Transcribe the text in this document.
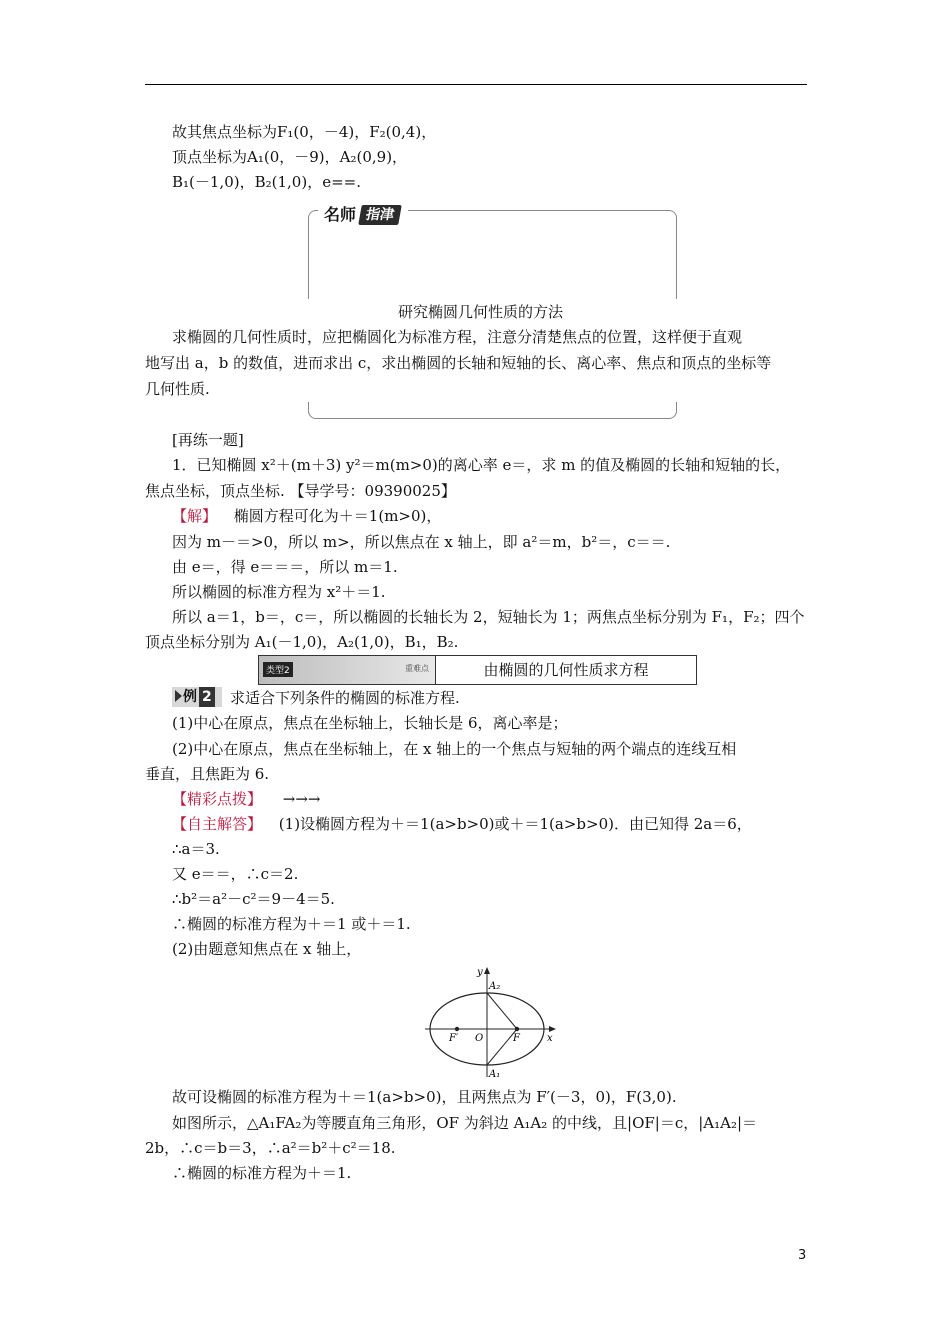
故其焦点坐标为F₁(0，－4)，F₂(0,4)，
顶点坐标为A₁(0，－9)，A₂(0,9)，
B₁(－1,0)，B₂(1,0)，e==.
名师 指津
研究椭圆几何性质的方法
求椭圆的几何性质时，应把椭圆化为标准方程，注意分清楚焦点的位置，这样便于直观
地写出 a，b 的数值，进而求出 c，求出椭圆的长轴和短轴的长、离心率、焦点和顶点的坐标等
几何性质.
[再练一题]
1．已知椭圆 x²＋(m＋3) y²＝m(m>0)的离心率 e＝，求 m 的值及椭圆的长轴和短轴的长，
焦点坐标，顶点坐标. 【导学号：09390025】
【解】 椭圆方程可化为＋＝1(m>0)，
因为 m－＝>0，所以 m>，所以焦点在 x 轴上，即 a²＝m，b²＝，c＝＝.
由 e＝，得 e＝＝＝，所以 m＝1.
所以椭圆的标准方程为 x²＋＝1.
所以 a＝1，b＝，c＝，所以椭圆的长轴长为 2，短轴长为 1；两焦点坐标分别为 F₁，F₂；四个
顶点坐标分别为 A₁(－1,0)，A₂(1,0)，B₁，B₂.
类型2	重难点	由椭圆的几何性质求方程
例 2	求适合下列条件的椭圆的标准方程.
(1)中心在原点，焦点在坐标轴上，长轴长是 6，离心率是；
(2)中心在原点，焦点在坐标轴上，在 x 轴上的一个焦点与短轴的两个端点的连线互相
垂直，且焦距为 6.
【精彩点拨】 →→→
【自主解答】 (1)设椭圆方程为＋＝1(a>b>0)或＋＝1(a>b>0)．由已知得 2a＝6，
∴a＝3.
又 e＝＝，∴c＝2.
∴b²＝a²－c²＝9－4＝5.
∴椭圆的标准方程为＋＝1 或＋＝1.
(2)由题意知焦点在 x 轴上，
y
x
A₂
A₁
F
F′ O
故可设椭圆的标准方程为＋＝1(a>b>0)，且两焦点为 F′(－3，0)，F(3,0).
如图所示，△A₁FA₂为等腰直角三角形，OF 为斜边 A₁A₂ 的中线，且|OF|＝c，|A₁A₂|＝
2b，∴c＝b＝3，∴a²＝b²＋c²＝18.
∴椭圆的标准方程为＋＝1.
3
